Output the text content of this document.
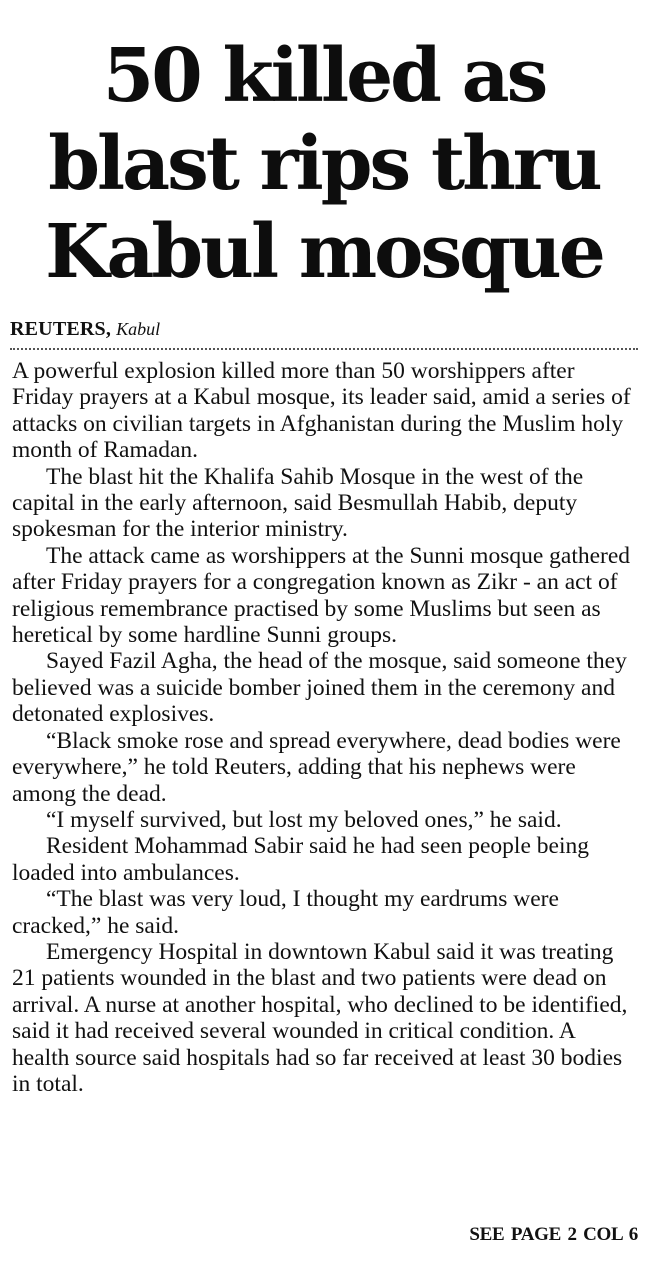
50 killed as
blast rips thru
Kabul mosque
REUTERS, Kabul

A powerful explosion killed more than 50 worshippers after Friday prayers at a Kabul mosque, its leader said, amid a series of attacks on civilian targets in Afghanistan during the Muslim holy month of Ramadan.

The blast hit the Khalifa Sahib Mosque in the west of the capital in the early afternoon, said Besmullah Habib, deputy spokesman for the interior ministry.

The attack came as worshippers at the Sunni mosque gathered after Friday prayers for a congregation known as Zikr - an act of religious remembrance practised by some Muslims but seen as heretical by some hardline Sunni groups.

Sayed Fazil Agha, the head of the mosque, said someone they believed was a suicide bomber joined them in the ceremony and detonated explosives.

“Black smoke rose and spread everywhere, dead bodies were everywhere,” he told Reuters, adding that his nephews were among the dead.

“I myself survived, but lost my beloved ones,” he said.

Resident Mohammad Sabir said he had seen people being loaded into ambulances.

“The blast was very loud, I thought my eardrums were cracked,” he said.

Emergency Hospital in downtown Kabul said it was treating 21 patients wounded in the blast and two patients were dead on arrival. A nurse at another hospital, who declined to be identified, said it had received several wounded in critical condition. A health source said hospitals had so far received at least 30 bodies in total.

SEE PAGE 2 COL 6
